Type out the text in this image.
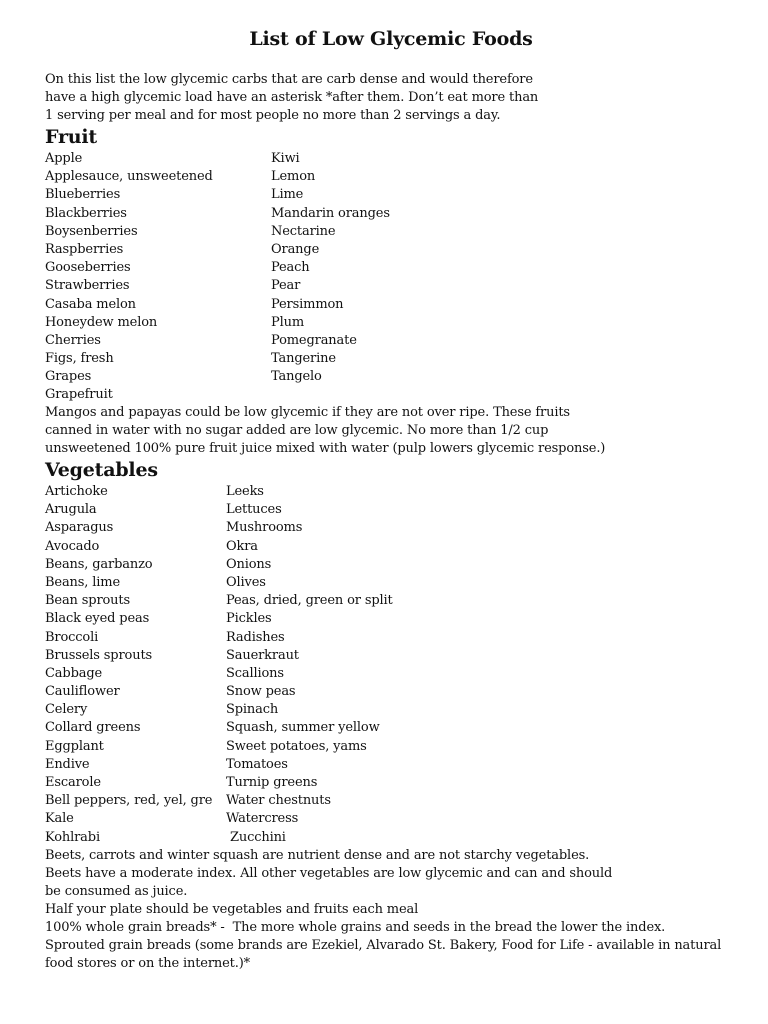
List of Low Glycemic Foods
On this list the low glycemic carbs that are carb dense and would therefore
have a high glycemic load have an asterisk *after them. Don’t eat more than
1 serving per meal and for most people no more than 2 servings a day.
Fruit
Apple
Applesauce, unsweetened
Blueberries
Blackberries
Boysenberries
Raspberries
Gooseberries
Strawberries
Casaba melon
Honeydew melon
Cherries
Figs, fresh
Grapes
Grapefruit
Kiwi
Lemon
Lime
Mandarin oranges
Nectarine
Orange
Peach
Pear
Persimmon
Plum
Pomegranate
Tangerine
Tangelo
Mangos and papayas could be low glycemic if they are not over ripe. These fruits
canned in water with no sugar added are low glycemic. No more than 1/2 cup
unsweetened 100% pure fruit juice mixed with water (pulp lowers glycemic response.)
Vegetables
Artichoke
Arugula
Asparagus
Avocado
Beans, garbanzo
Beans, lime
Bean sprouts
Black eyed peas
Broccoli
Brussels sprouts
Cabbage
Cauliflower
Celery
Collard greens
Eggplant
Endive
Escarole
Bell peppers, red, yel, gre
Kale
Kohlrabi
Leeks
Lettuces
Mushrooms
Okra
Onions
Olives
Peas, dried, green or split
Pickles
Radishes
Sauerkraut
Scallions
Snow peas
Spinach
Squash, summer yellow
Sweet potatoes, yams
Tomatoes
Turnip greens
Water chestnuts
Watercress
Zucchini
Beets, carrots and winter squash are nutrient dense and are not starchy vegetables.
Beets have a moderate index. All other vegetables are low glycemic and can and should
be consumed as juice.
Half your plate should be vegetables and fruits each meal
100% whole grain breads* -  The more whole grains and seeds in the bread the lower the index.
Sprouted grain breads (some brands are Ezekiel, Alvarado St. Bakery, Food for Life - available in natural
food stores or on the internet.)*
